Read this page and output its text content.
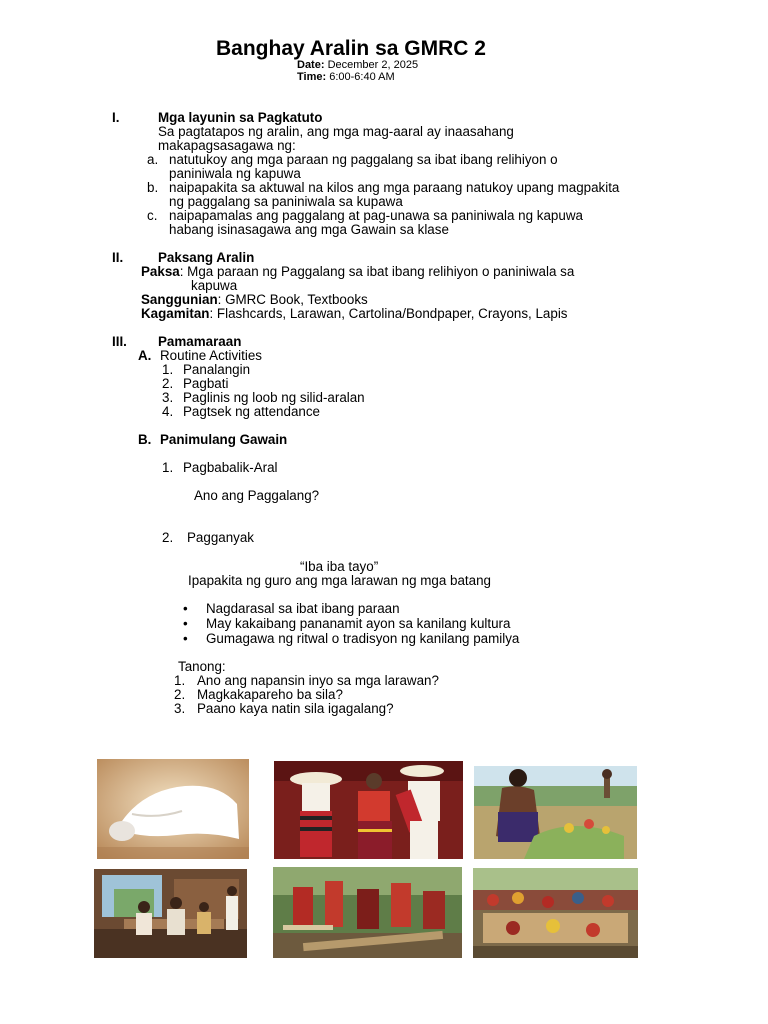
Banghay Aralin sa GMRC 2
Date: December 2, 2025
Time: 6:00-6:40 AM
I.	Mga layunin sa Pagkatuto
Sa pagtatapos ng aralin, ang mga mag-aaral ay inaasahang
makapagsasagawa ng:
a. natutukoy ang mga paraan ng paggalang sa ibat ibang relihiyon o
paniniwala ng kapuwa
b. naipapakita sa aktuwal na kilos ang mga paraang natukoy upang magpakita
ng paggalang sa paniniwala sa kupawa
c. naipapamalas ang paggalang at pag-unawa sa paniniwala ng kapuwa
habang isinasagawa ang mga Gawain sa klase
II.	Paksang Aralin
Paksa: Mga paraan ng Paggalang sa ibat ibang relihiyon o paniniwala sa
kapuwa
Sanggunian: GMRC Book, Textbooks
Kagamitan: Flashcards, Larawan, Cartolina/Bondpaper, Crayons, Lapis
III. Pamamaraan
A. Routine Activities
1. Panalangin
2. Pagbati
3. Paglinis ng loob ng silid-aralan
4. Pagtsek ng attendance
B. Panimulang Gawain
1. Pagbabalik-Aral
Ano ang Paggalang?
2. Pagganyak
“Iba iba tayo”
Ipapakita ng guro ang mga larawan ng mga batang
• Nagdarasal sa ibat ibang paraan
• May kakaibang pananamit ayon sa kanilang kultura
• Gumagawa ng ritwal o tradisyon ng kanilang pamilya
Tanong:
1. Ano ang napansin inyo sa mga larawan?
2. Magkakapareho ba sila?
3. Paano kaya natin sila igagalang?
